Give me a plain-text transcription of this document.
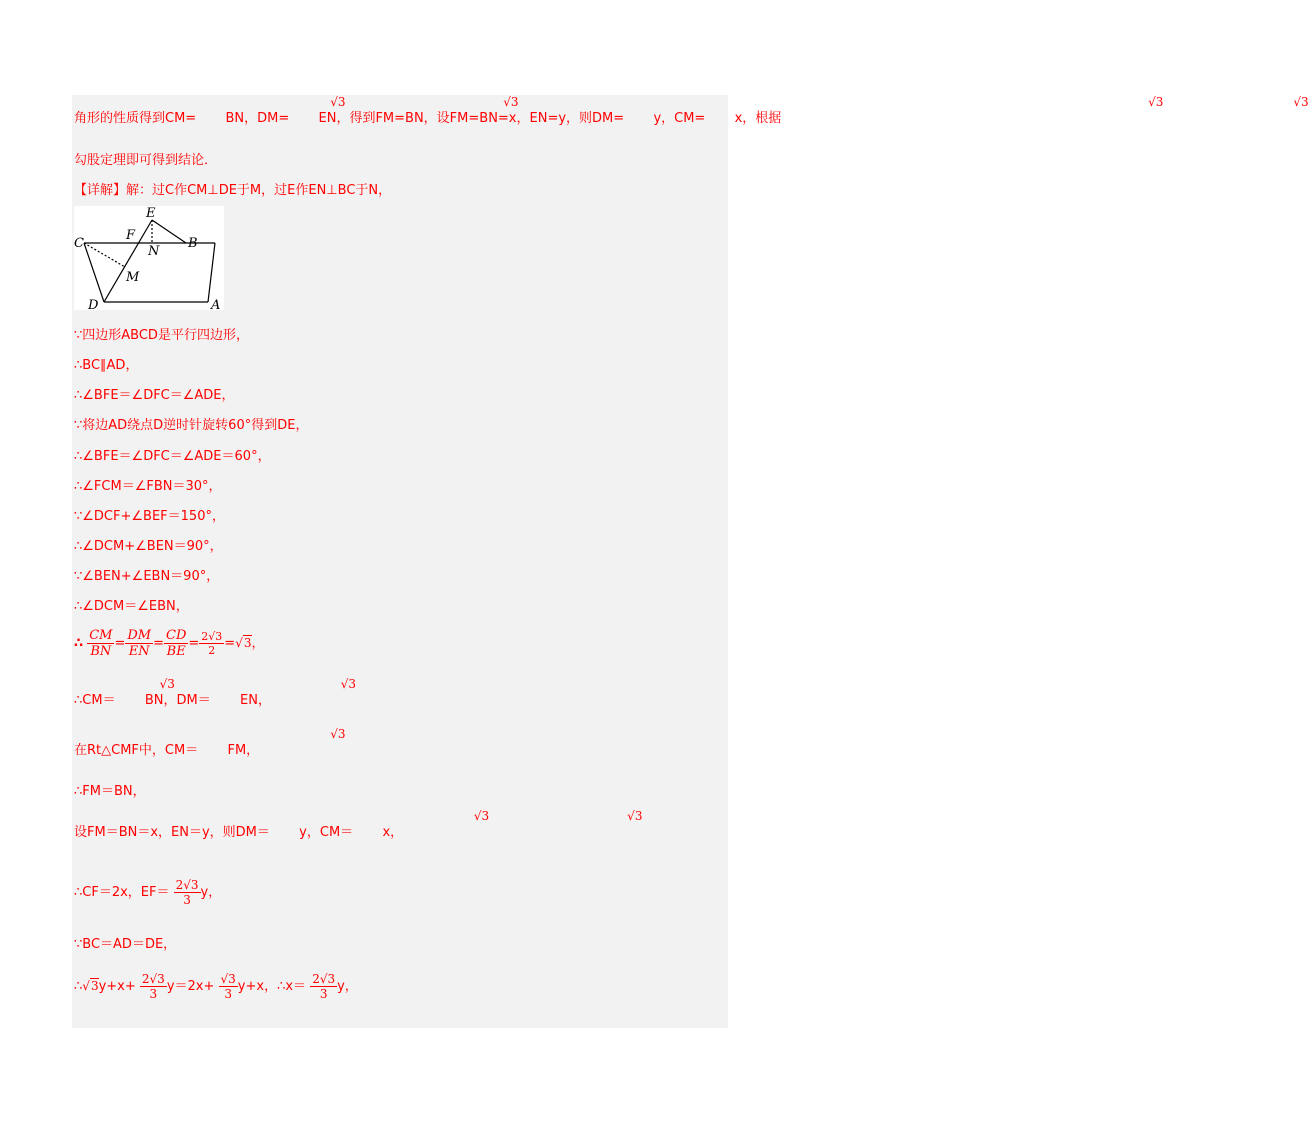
角形的性质得到CM=√3BN，DM=√3EN，得到FM=BN，设FM=BN=x，EN=y，则DM=√3y，CM=√3x，根据
勾股定理即可得到结论．
【详解】解：过C作CM⊥DE于M，过E作EN⊥BC于N，
C
F
E
N
B
M
D	A
∵四边形ABCD是平行四边形，
∴BC∥AD，
∴∠BFE＝∠DFC＝∠ADE，
∵将边AD绕点D逆时针旋转60°得到DE，
∴∠BFE＝∠DFC＝∠ADE＝60°，
∴∠FCM＝∠FBN＝30°，
∵∠DCF+∠BEF＝150°，
∴∠DCM+∠BEN＝90°，
∵∠BEN+∠EBN＝90°，
∴∠DCM＝∠EBN，
∴ $\frac{CM}{BN} = \frac{DM}{EN} = \frac{CD}{BE} = \frac{2√3}{2} =√3$，
∴CM＝√3BN，DM＝√3EN，
在Rt△CMF中，CM＝√3FM，
∴FM＝BN，
设FM＝BN＝x，EN＝y，则DM＝√3y，CM＝√3x，
∴CF＝2x，$EF= \frac{2√3}{3}$ y，
∵BC＝AD＝DE，
∴√3y+x+ $\frac{2√3}{3} y=2x+ \frac{√3}{3} y+x$，∴x＝ $\frac{2√3}{3}$ y，
